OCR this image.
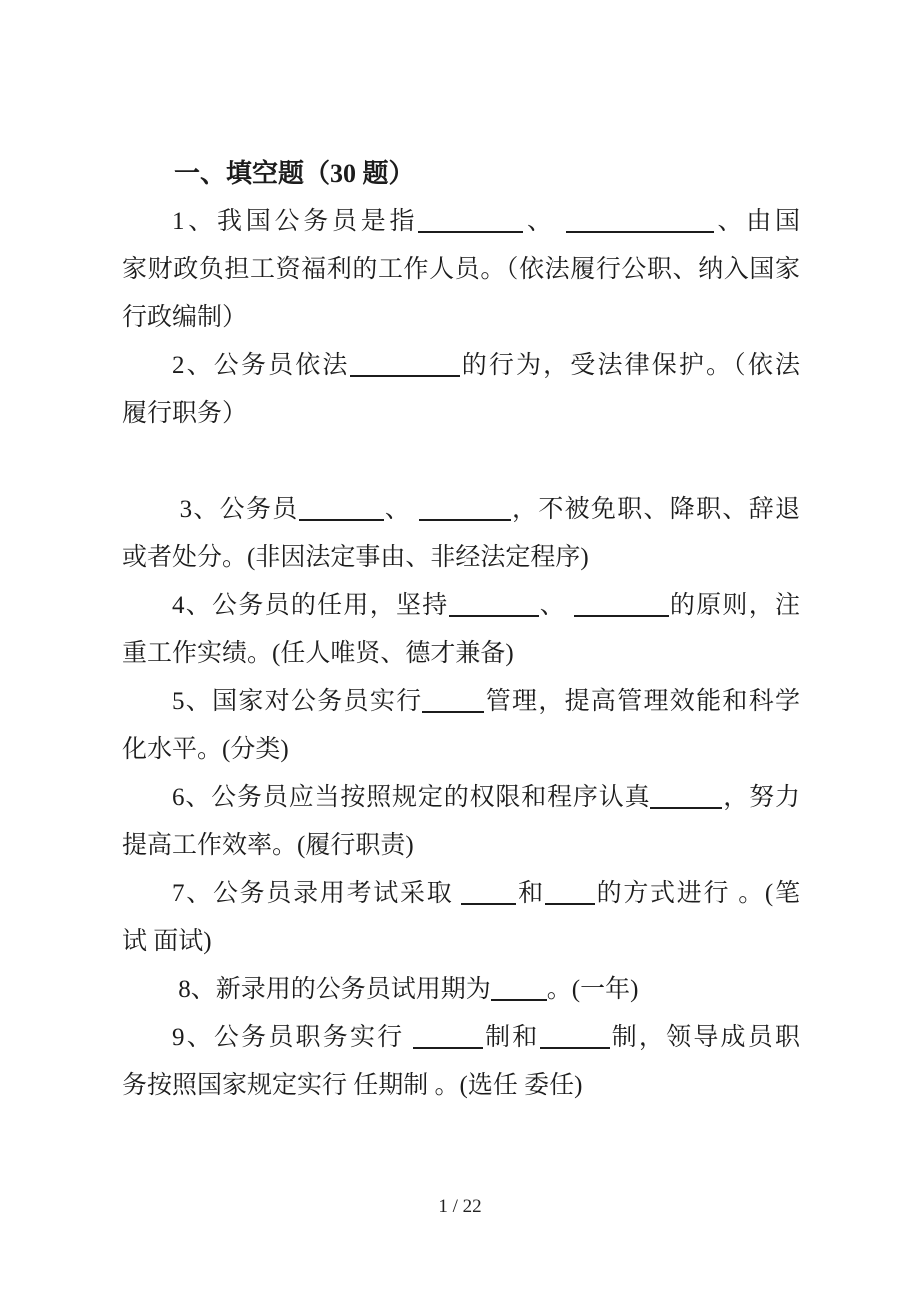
一、填空题（30 题）
1、我国公务员是指	、	、由国
家财政负担工资福利的工作人员。（依法履行公职、纳入国家
行政编制）
2、公务员依法	的行为，受法律保护。（依法
履行职务）
3、公务员	、	，不被免职、降职、辞退
或者处分。(非因法定事由、非经法定程序)
4、公务员的任用，坚持	、	的原则，注
重工作实绩。(任人唯贤、德才兼备)
5、国家对公务员实行 管理，提高管理效能和科学
化水平。(分类)
6、公务员应当按照规定的权限和程序认真	，努力
提高工作效率。(履行职责)
7、公务员录用考试采取 和 的方式进行 。(笔
试 面试)
8、新录用的公务员试用期为 。(一年)
9、公务员职务实行	制和	制，领导成员职
务按照国家规定实行 任期制 。(选任 委任)
1 / 22
